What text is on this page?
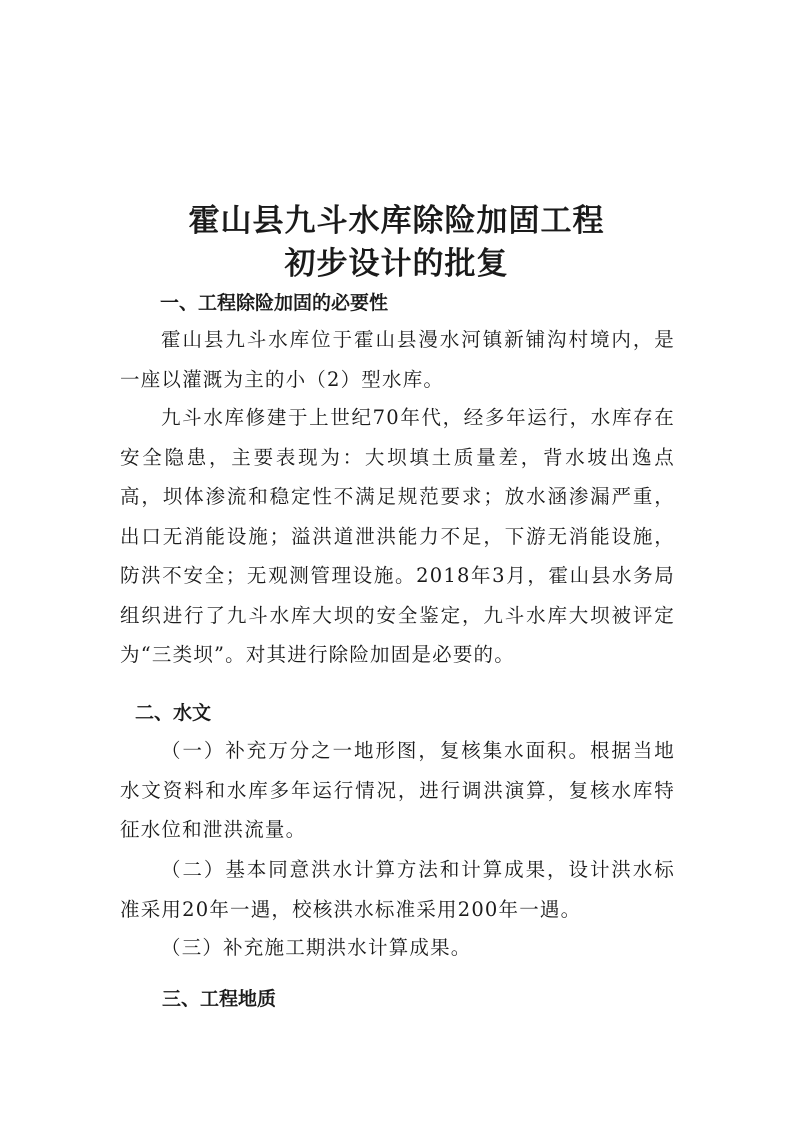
霍山县九斗水库除险加固工程
初步设计的批复
一、工程除险加固的必要性

霍山县九斗水库位于霍山县漫水河镇新铺沟村境内，是一座以灌溉为主的小（2）型水库。

九斗水库修建于上世纪70年代，经多年运行，水库存在安全隐患，主要表现为：大坝填土质量差，背水坡出逸点高，坝体渗流和稳定性不满足规范要求；放水涵渗漏严重，出口无消能设施；溢洪道泄洪能力不足，下游无消能设施，防洪不安全；无观测管理设施。2018年3月，霍山县水务局组织进行了九斗水库大坝的安全鉴定，九斗水库大坝被评定为“三类坝”。对其进行除险加固是必要的。

二、水文

（一）补充万分之一地形图，复核集水面积。根据当地水文资料和水库多年运行情况，进行调洪演算，复核水库特征水位和泄洪流量。

（二）基本同意洪水计算方法和计算成果，设计洪水标准采用20年一遇，校核洪水标准采用200年一遇。

（三）补充施工期洪水计算成果。

三、工程地质
